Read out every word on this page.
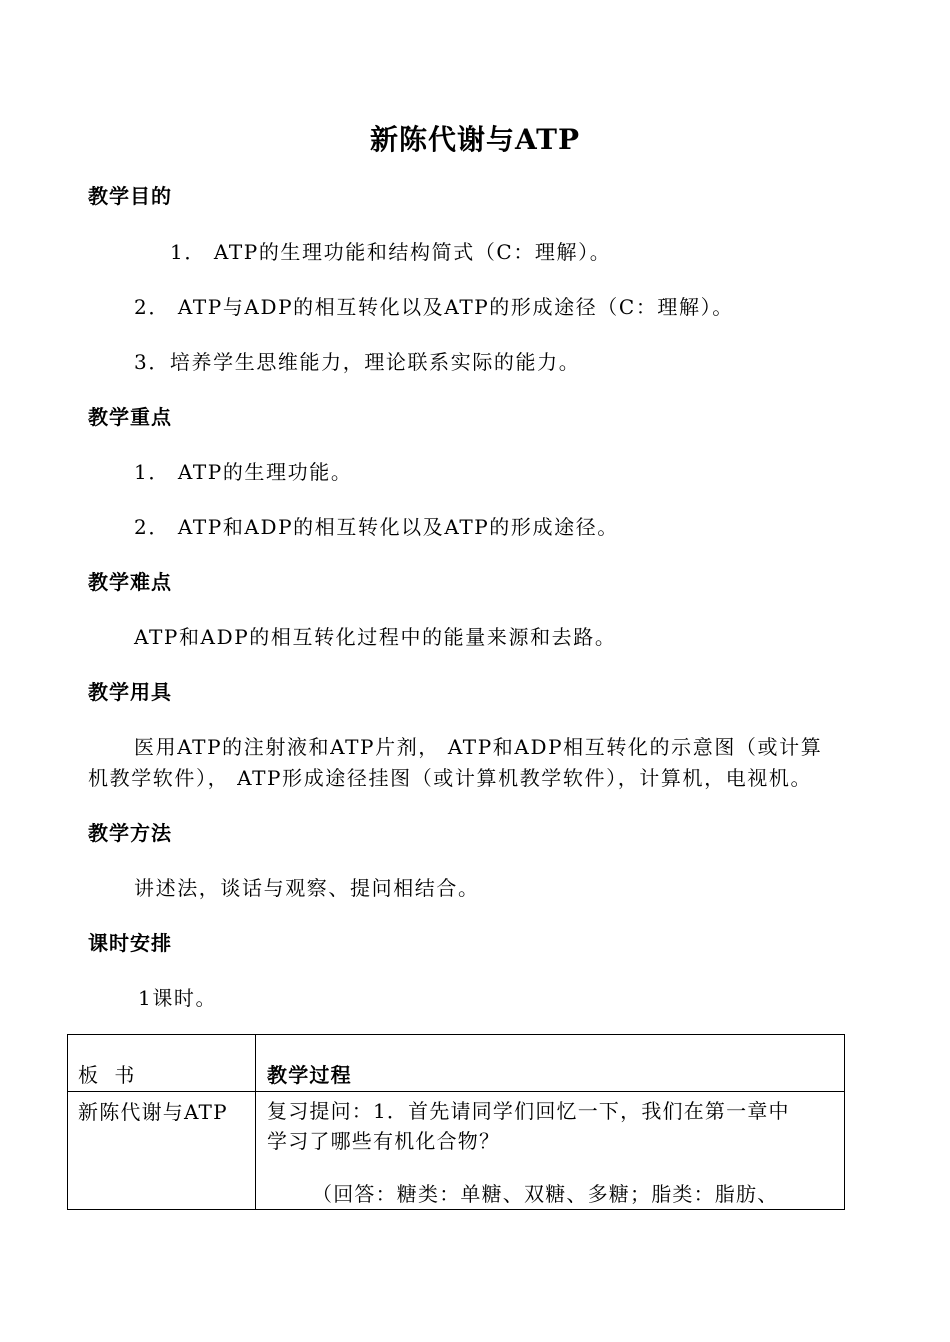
新陈代谢与ATP
教学目的
1． ATP的生理功能和结构简式（C：理解）。
2． ATP与ADP的相互转化以及ATP的形成途径（C：理解）。
3．培养学生思维能力，理论联系实际的能力。
教学重点
1． ATP的生理功能。
2． ATP和ADP的相互转化以及ATP的形成途径。
教学难点
ATP和ADP的相互转化过程中的能量来源和去路。
教学用具
医用ATP的注射液和ATP片剂， ATP和ADP相互转化的示意图（或计算
机教学软件）， ATP形成途径挂图（或计算机教学软件），计算机，电视机。
教学方法
讲述法，谈话与观察、提问相结合。
课时安排
1课时。
板  书	教学过程

新陈代谢与ATP	复习提问：1．首先请同学们回忆一下，我们在第一章中
学习了哪些有机化合物？
（回答：糖类：单糖、双糖、多糖；脂类：脂肪、
